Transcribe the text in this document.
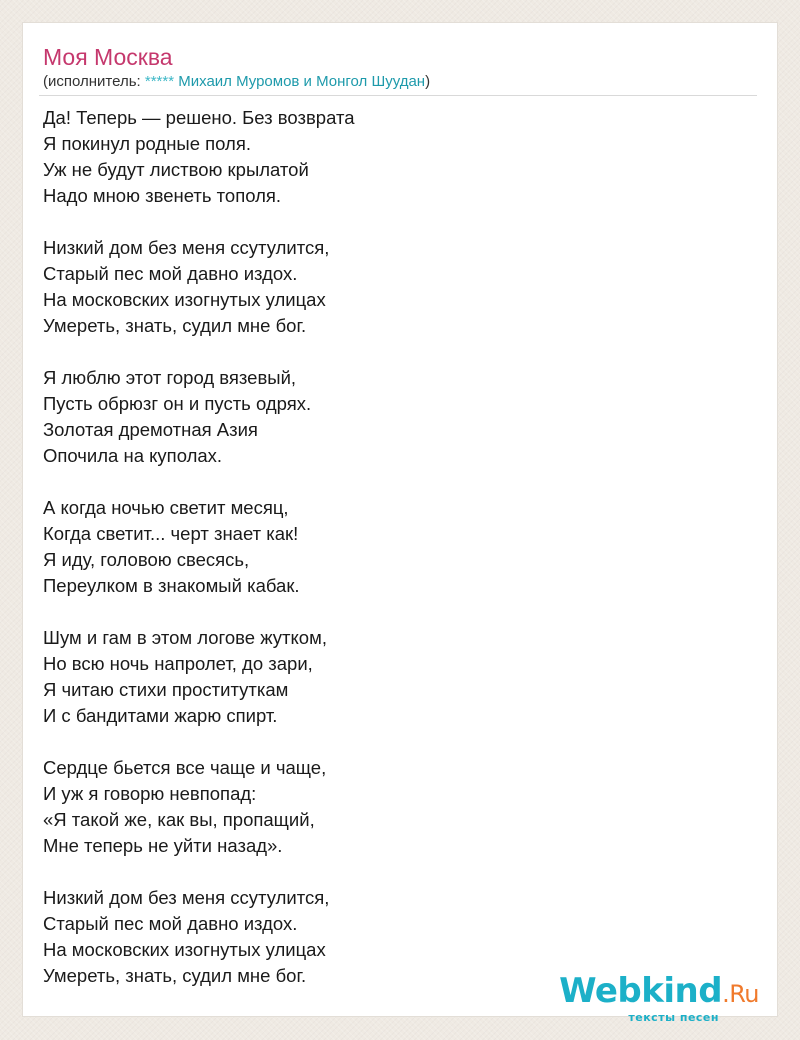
Моя Москва
(исполнитель: ***** Михаил Муромов и Монгол Шуудан)
Да! Теперь — решено. Без возврата
Я покинул родные поля.
Уж не будут листвою крылатой
Надо мною звенеть тополя.
Низкий дом без меня ссутулится,
Старый пес мой давно издох.
На московских изогнутых улицах
Умереть, знать, судил мне бог.
Я люблю этот город вязевый,
Пусть обрюзг он и пусть одрях.
Золотая дремотная Азия
Опочила на куполах.
А когда ночью светит месяц,
Когда светит... черт знает как!
Я иду, головою свесясь,
Переулком в знакомый кабак.
Шум и гам в этом логове жутком,
Но всю ночь напролет, до зари,
Я читаю стихи проституткам
И с бандитами жарю спирт.
Сердце бьется все чаще и чаще,
И уж я говорю невпопад:
«Я такой же, как вы, пропащий,
Мне теперь не уйти назад».
Низкий дом без меня ссутулится,
Старый пес мой давно издох.
На московских изогнутых улицах
Умереть, знать, судил мне бог.	Webkind.Ru
тексты песен
